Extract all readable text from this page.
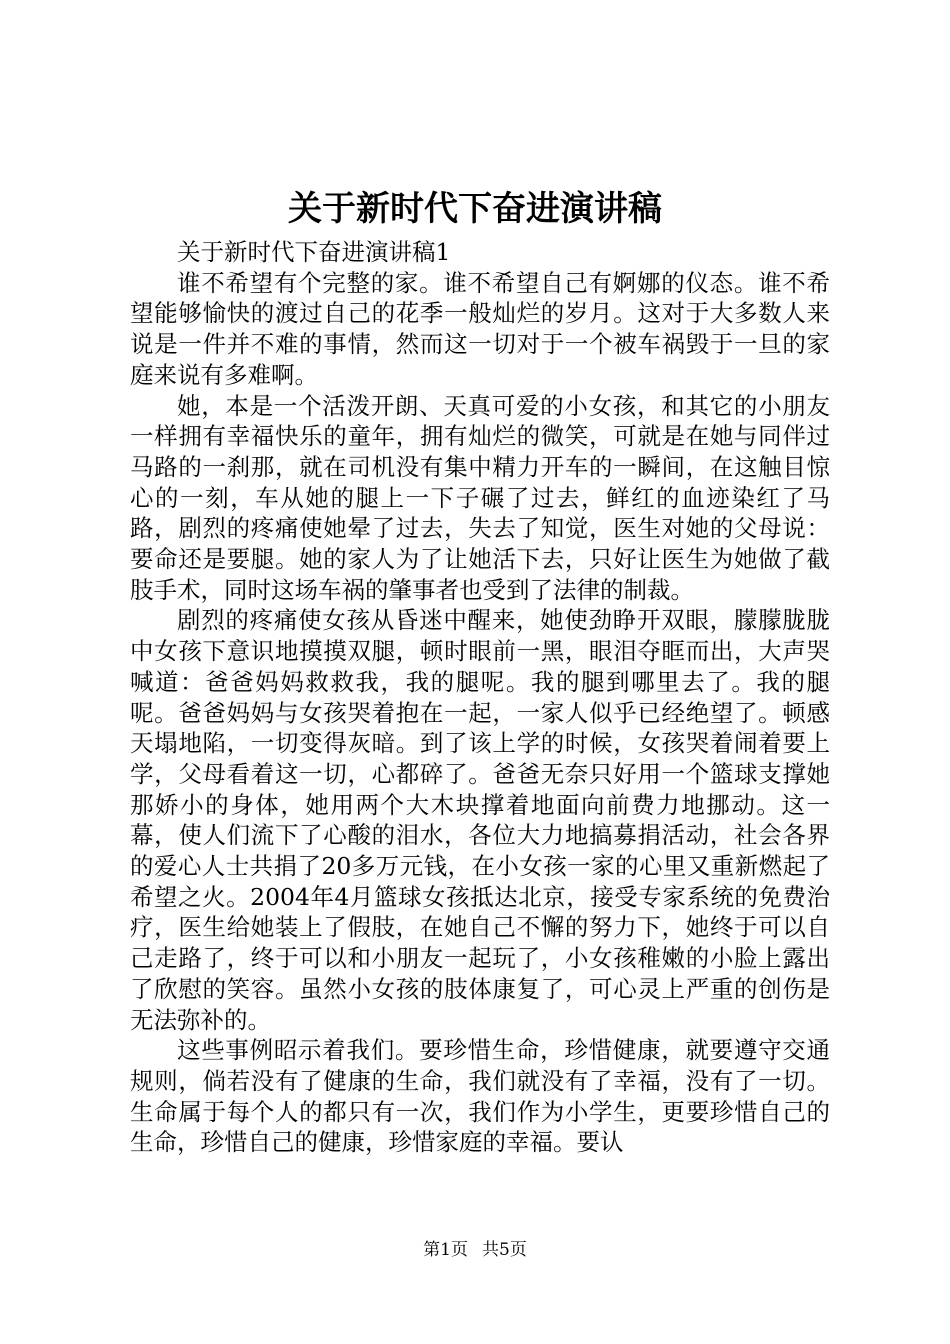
关于新时代下奋进演讲稿

关于新时代下奋进演讲稿1

谁不希望有个完整的家。谁不希望自己有婀娜的仪态。谁不希望能够愉快的渡过自己的花季一般灿烂的岁月。这对于大多数人来说是一件并不难的事情，然而这一切对于一个被车祸毁于一旦的家庭来说有多难啊。

她，本是一个活泼开朗、天真可爱的小女孩，和其它的小朋友一样拥有幸福快乐的童年，拥有灿烂的微笑，可就是在她与同伴过马路的一刹那，就在司机没有集中精力开车的一瞬间，在这触目惊心的一刻，车从她的腿上一下子碾了过去，鲜红的血迹染红了马路，剧烈的疼痛使她晕了过去，失去了知觉，医生对她的父母说：要命还是要腿。她的家人为了让她活下去，只好让医生为她做了截肢手术，同时这场车祸的肇事者也受到了法律的制裁。

剧烈的疼痛使女孩从昏迷中醒来，她使劲睁开双眼，朦朦胧胧中女孩下意识地摸摸双腿，顿时眼前一黑，眼泪夺眶而出，大声哭喊道：爸爸妈妈救救我，我的腿呢。我的腿到哪里去了。我的腿呢。爸爸妈妈与女孩哭着抱在一起，一家人似乎已经绝望了。顿感天塌地陷，一切变得灰暗。到了该上学的时候，女孩哭着闹着要上学，父母看着这一切，心都碎了。爸爸无奈只好用一个篮球支撑她那娇小的身体，她用两个大木块撑着地面向前费力地挪动。这一幕，使人们流下了心酸的泪水，各位大力地搞募捐活动，社会各界的爱心人士共捐了20多万元钱，在小女孩一家的心里又重新燃起了希望之火。2004年4月篮球女孩抵达北京，接受专家系统的免费治疗，医生给她装上了假肢，在她自己不懈的努力下，她终于可以自己走路了，终于可以和小朋友一起玩了，小女孩稚嫩的小脸上露出了欣慰的笑容。虽然小女孩的肢体康复了，可心灵上严重的创伤是无法弥补的。

这些事例昭示着我们。要珍惜生命，珍惜健康，就要遵守交通规则，倘若没有了健康的生命，我们就没有了幸福，没有了一切。生命属于每个人的都只有一次，我们作为小学生，更要珍惜自己的生命，珍惜自己的健康，珍惜家庭的幸福。要认

第1页 共5页
